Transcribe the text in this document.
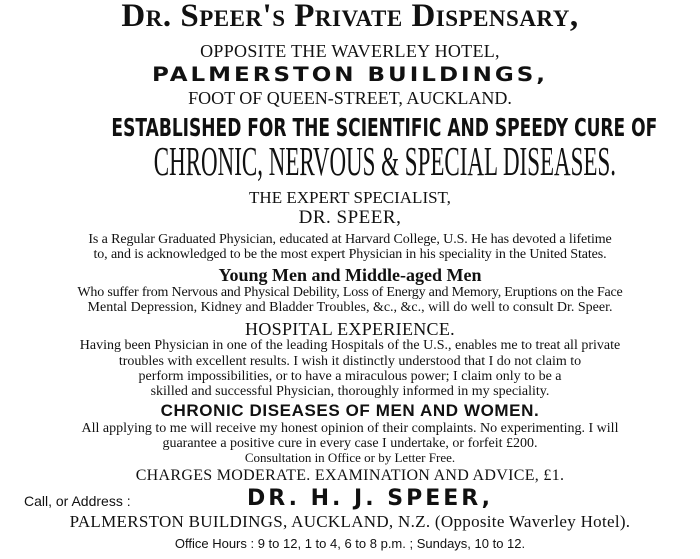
Dr. Speer's Private Dispensary,
OPPOSITE THE WAVERLEY HOTEL,
PALMERSTON BUILDINGS,
FOOT OF QUEEN-STREET, AUCKLAND.
ESTABLISHED FOR THE SCIENTIFIC AND SPEEDY CURE OF
CHRONIC, NERVOUS & SPECIAL DISEASES.
THE EXPERT SPECIALIST,
DR. SPEER,
Is a Regular Graduated Physician, educated at Harvard College, U.S. He has devoted a lifetime
to, and is acknowledged to be the most expert Physician in his speciality in the United States.
Young Men and Middle-aged Men
Who suffer from Nervous and Physical Debility, Loss of Energy and Memory, Eruptions on the Face
Mental Depression, Kidney and Bladder Troubles, &c., &c., will do well to consult Dr. Speer.
HOSPITAL EXPERIENCE.
Having been Physician in one of the leading Hospitals of the U.S., enables me to treat all private
troubles with excellent results. I wish it distinctly understood that I do not claim to
perform impossibilities, or to have a miraculous power; I claim only to be a
skilled and successful Physician, thoroughly informed in my speciality.
CHRONIC DISEASES OF MEN AND WOMEN.
All applying to me will receive my honest opinion of their complaints. No experimenting. I will
guarantee a positive cure in every case I undertake, or forfeit £200.
Consultation in Office or by Letter Free.
CHARGES MODERATE. EXAMINATION AND ADVICE, £1.
Call, or Address :	DR. H. J. SPEER,
PALMERSTON BUILDINGS, AUCKLAND, N.Z. (Opposite Waverley Hotel).
Office Hours : 9 to 12, 1 to 4, 6 to 8 p.m. ; Sundays, 10 to 12.
